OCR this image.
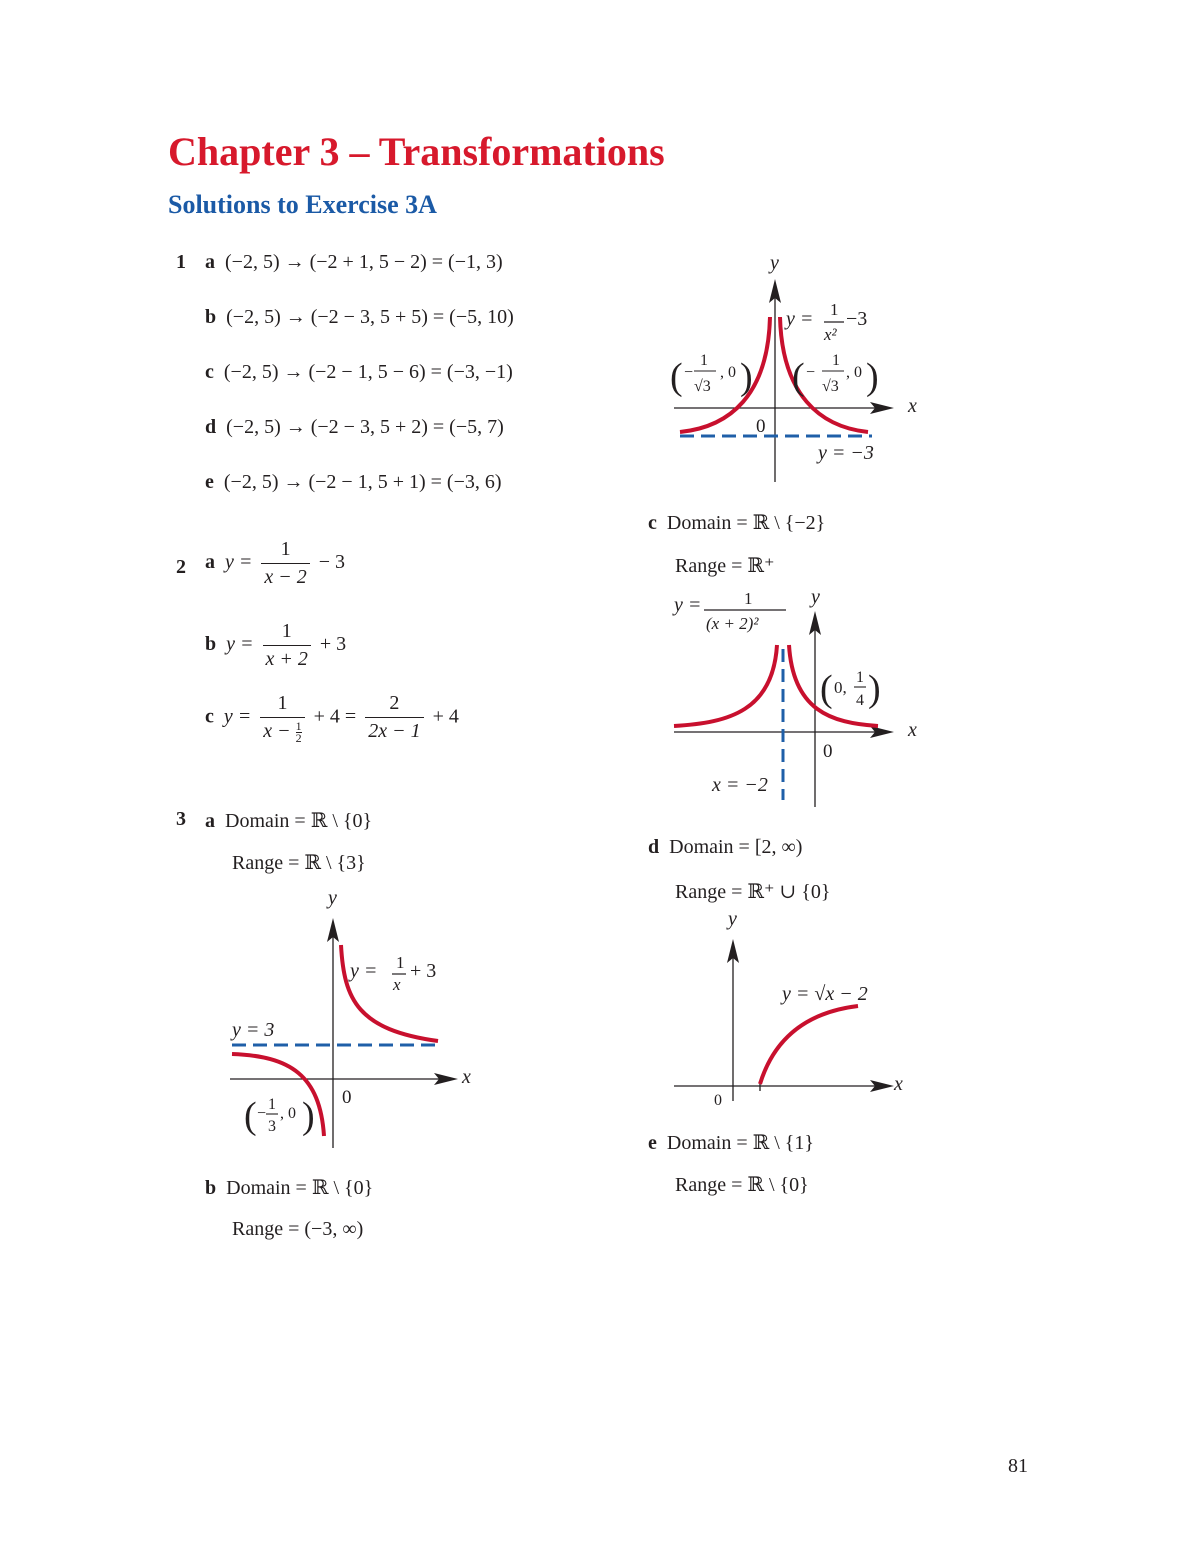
Chapter 3 – Transformations
Solutions to Exercise 3A
1 a (−2, 5) → (−2 + 1, 5 − 2) = (−1, 3)
b (−2, 5) → (−2 − 3, 5 + 5) = (−5, 10)
c (−2, 5) → (−2 − 1, 5 − 6) = (−3, −1)
d (−2, 5) → (−2 − 3, 5 + 2) = (−5, 7)
e (−2, 5) → (−2 − 1, 5 + 1) = (−3, 6)
2 a $y = \frac{1}{x - 2} - 3$
b $y = \frac{1}{x + 2} + 3$
c $y = \frac{1}{x - \frac{1}{2}} + 4 = \frac{2}{2x - 1} + 4$
3 a Domain = ℝ \ {0}
Range = ℝ \ {3}
y
x
0
y = 3
y = 1
x
+ 3
( −
1
3
, 0 )
b Domain = ℝ \ {0}
Range = (−3, ∞)
y
x
0
y = −3
y = 1
x²
−3
( −
1
√3
, 0 ) ( −
1
√3
, 0 )
c Domain = ℝ \ {−2}
Range = ℝ⁺
y
x
0
x = −2
y =	1
(x + 2)²
( 0,
1
4 )
d Domain = [2, ∞)
Range = ℝ⁺ ∪ {0}
y
x
0
y = √x − 2
e Domain = ℝ \ {1}
Range = ℝ \ {0}
81
